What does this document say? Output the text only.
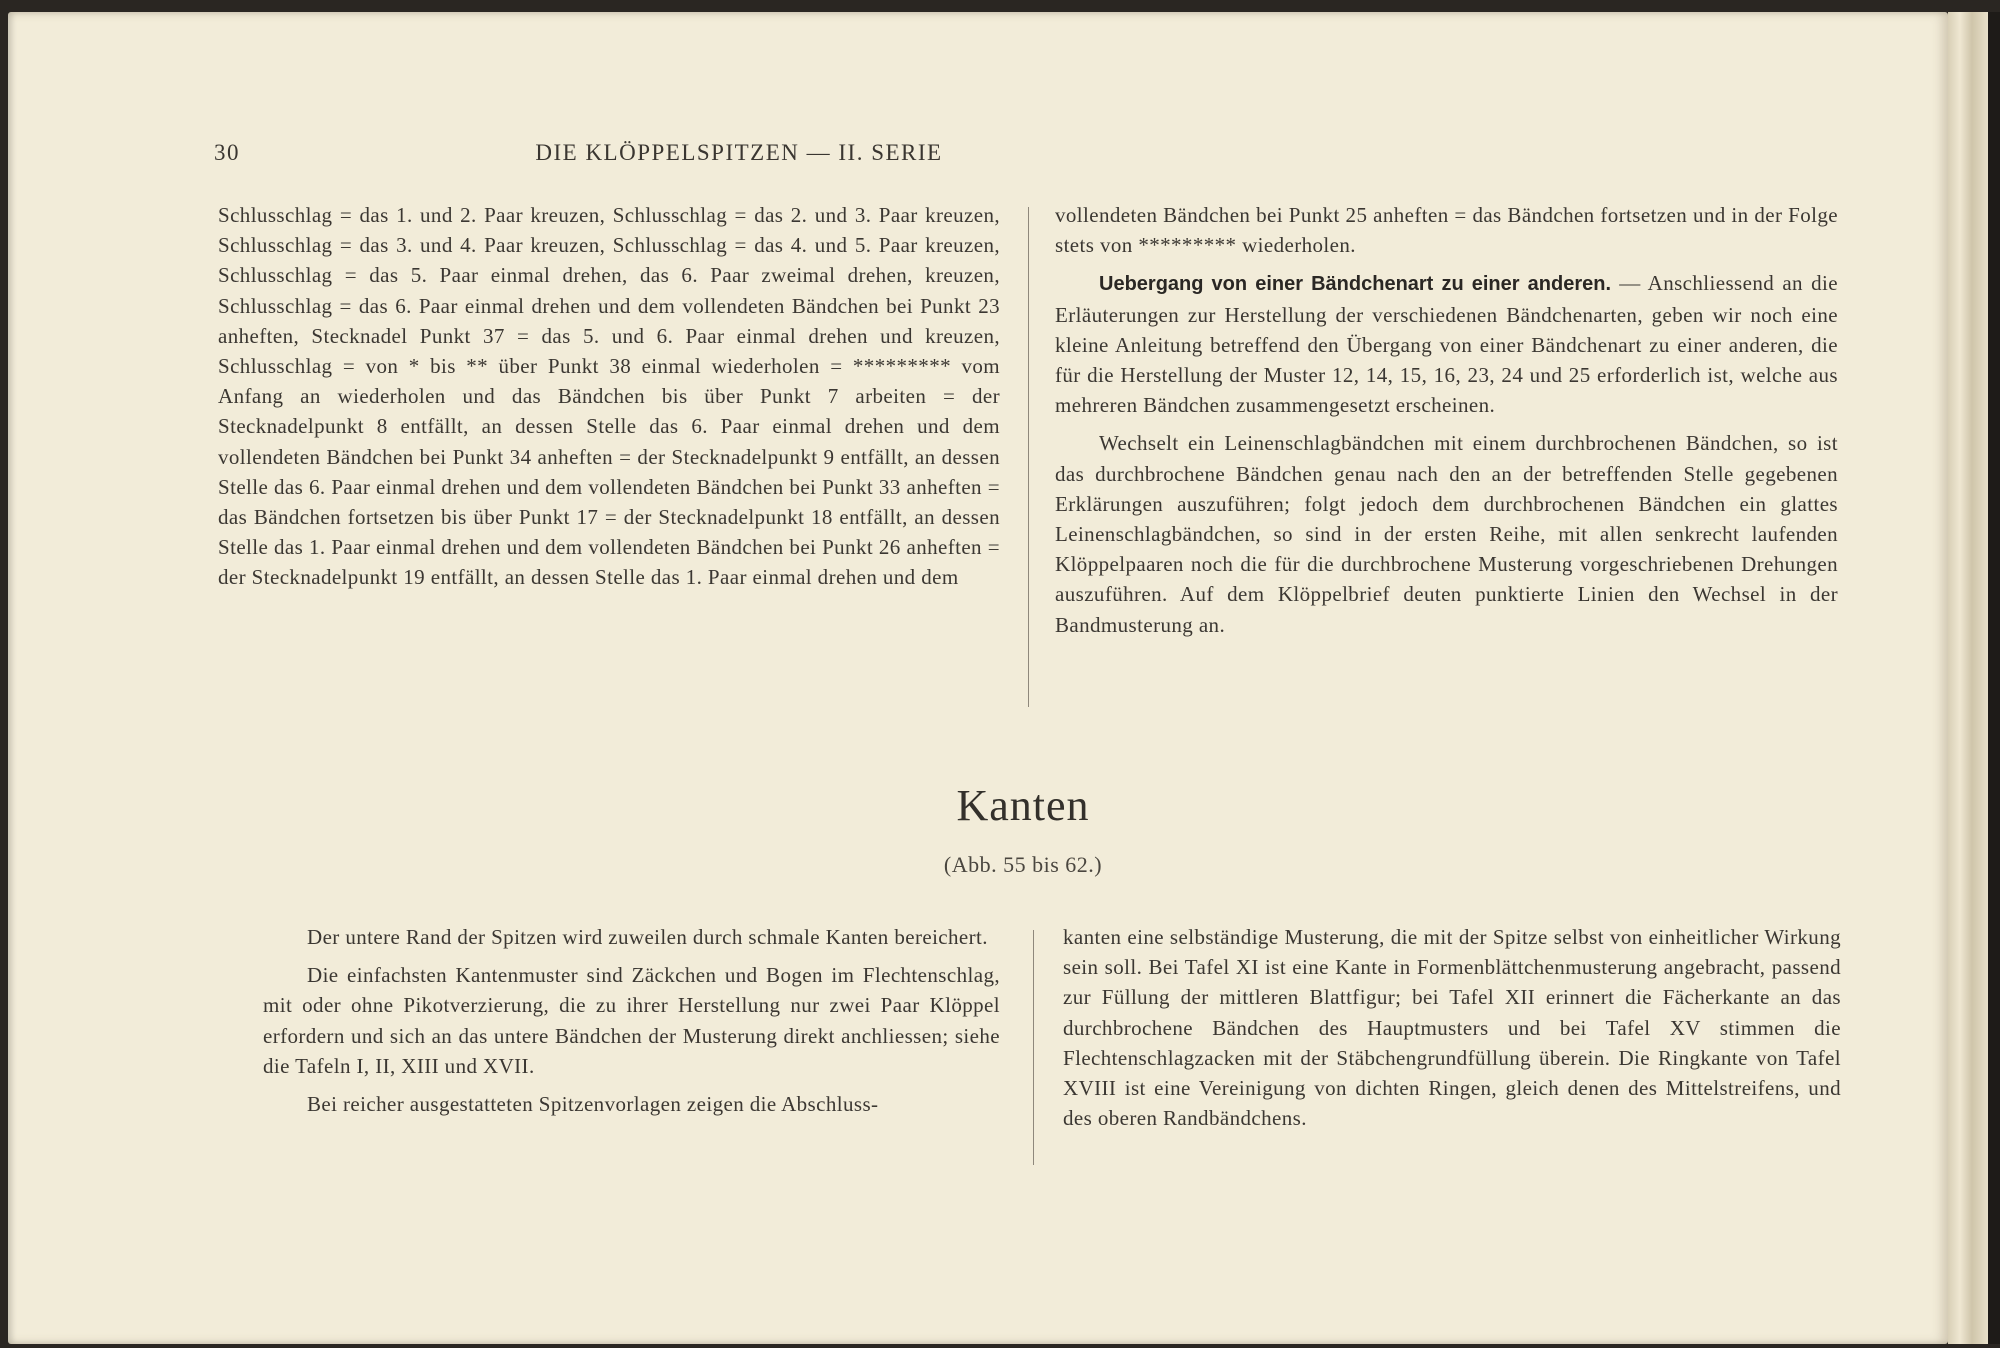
30	DIE KLÖPPELSPITZEN — II. SERIE

Schlusschlag = das 1. und 2. Paar kreuzen, Schlusschlag = das 2. und 3. Paar kreuzen, Schlusschlag = das 3. und 4. Paar kreuzen, Schlusschlag = das 4. und 5. Paar kreuzen, Schlusschlag = das 5. Paar einmal drehen, das 6. Paar zweimal drehen, kreuzen, Schlusschlag = das 6. Paar einmal drehen und dem vollendeten Bändchen bei Punkt 23 anheften, Stecknadel Punkt 37 = das 5. und 6. Paar einmal drehen und kreuzen, Schlusschlag = von * bis ** über Punkt 38 einmal wiederholen = ********* vom Anfang an wiederholen und das Bändchen bis über Punkt 7 arbeiten = der Stecknadelpunkt 8 entfällt, an dessen Stelle das 6. Paar einmal drehen und dem vollendeten Bändchen bei Punkt 34 anheften = der Stecknadelpunkt 9 entfällt, an dessen Stelle das 6. Paar einmal drehen und dem vollendeten Bändchen bei Punkt 33 anheften = das Bändchen fortsetzen bis über Punkt 17 = der Stecknadelpunkt 18 entfällt, an dessen Stelle das 1. Paar einmal drehen und dem vollendeten Bändchen bei Punkt 26 anheften = der Stecknadelpunkt 19 entfällt, an dessen Stelle das 1. Paar einmal drehen und dem

vollendeten Bändchen bei Punkt 25 anheften = das Bändchen fortsetzen und in der Folge stets von ********* wiederholen.

Uebergang von einer Bändchenart zu einer anderen. — Anschliessend an die Erläuterungen zur Herstellung der verschiedenen Bändchenarten, geben wir noch eine kleine Anleitung betreffend den Übergang von einer Bändchenart zu einer anderen, die für die Herstellung der Muster 12, 14, 15, 16, 23, 24 und 25 erforderlich ist, welche aus mehreren Bändchen zusammengesetzt erscheinen.

Wechselt ein Leinenschlagbändchen mit einem durchbrochenen Bändchen, so ist das durchbrochene Bändchen genau nach den an der betreffenden Stelle gegebenen Erklärungen auszuführen; folgt jedoch dem durchbrochenen Bändchen ein glattes Leinenschlagbändchen, so sind in der ersten Reihe, mit allen senkrecht laufenden Klöppelpaaren noch die für die durchbrochene Musterung vorgeschriebenen Drehungen auszuführen. Auf dem Klöppelbrief deuten punktierte Linien den Wechsel in der Bandmusterung an.

Kanten
(Abb. 55 bis 62.)

Der untere Rand der Spitzen wird zuweilen durch schmale Kanten bereichert.

Die einfachsten Kantenmuster sind Zäckchen und Bogen im Flechtenschlag, mit oder ohne Pikotverzierung, die zu ihrer Herstellung nur zwei Paar Klöppel erfordern und sich an das untere Bändchen der Musterung direkt anchliessen; siehe die Tafeln I, II, XIII und XVII.

Bei reicher ausgestatteten Spitzenvorlagen zeigen die Abschluss-

kanten eine selbständige Musterung, die mit der Spitze selbst von einheitlicher Wirkung sein soll. Bei Tafel XI ist eine Kante in Formenblättchenmusterung angebracht, passend zur Füllung der mittleren Blattfigur; bei Tafel XII erinnert die Fächerkante an das durchbrochene Bändchen des Hauptmusters und bei Tafel XV stimmen die Flechtenschlagzacken mit der Stäbchengrundfüllung überein. Die Ringkante von Tafel XVIII ist eine Vereinigung von dichten Ringen, gleich denen des Mittelstreifens, und des oberen Randbändchens.
